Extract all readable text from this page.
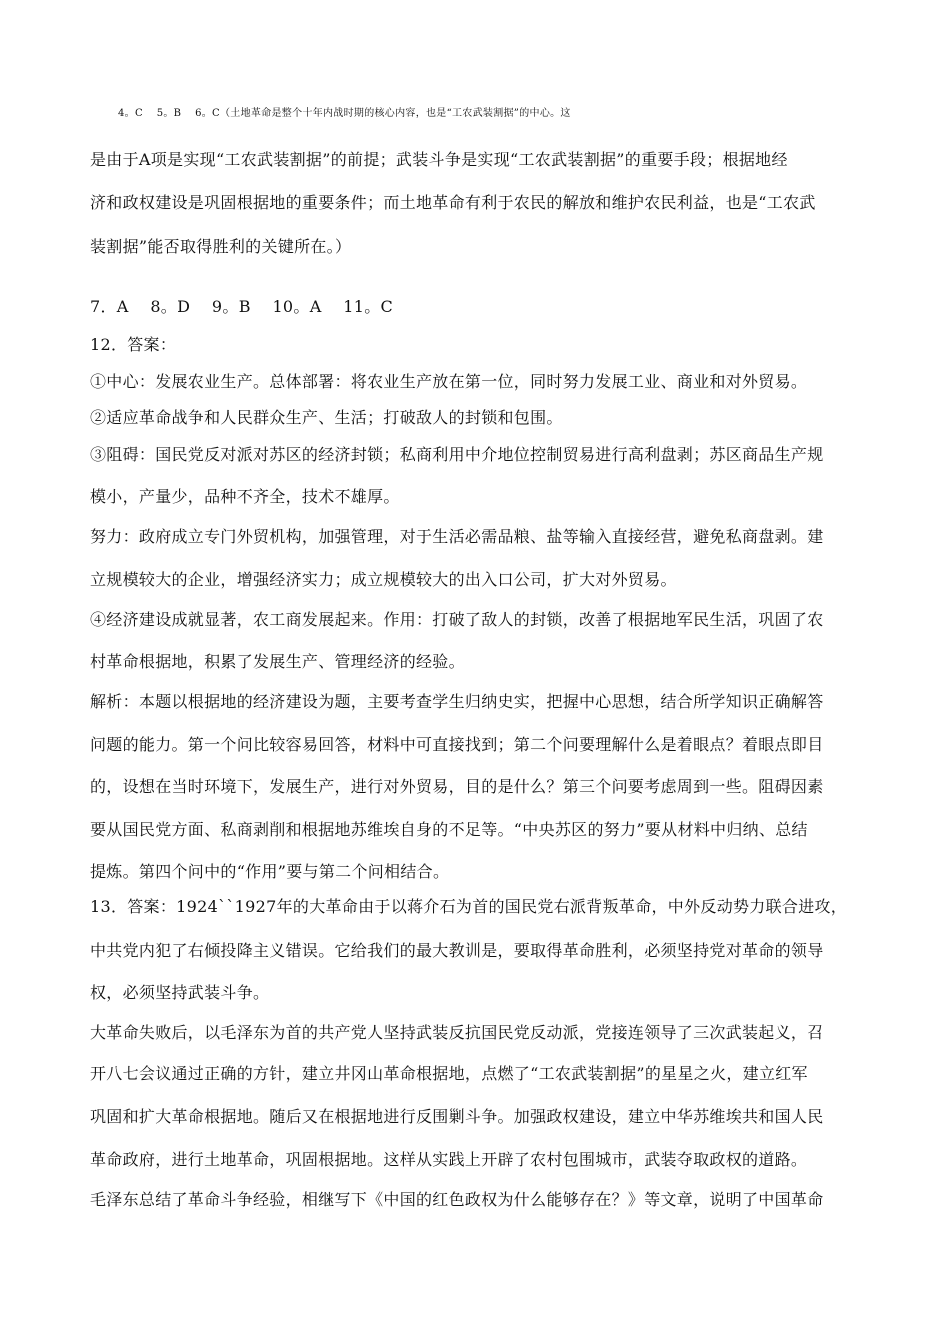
4。C　 5。B　 6。C（土地革命是整个十年内战时期的核心内容，也是“工农武装割据”的中心。这
是由于A项是实现“工农武装割据”的前提；武装斗争是实现“工农武装割据”的重要手段；根据地经
济和政权建设是巩固根据地的重要条件；而土地革命有利于农民的解放和维护农民利益，也是“工农武
装割据”能否取得胜利的关键所在。）
7．A　 8。D　 9。B　 10。A　 11。C
12．答案：
①中心：发展农业生产。总体部署：将农业生产放在第一位，同时努力发展工业、商业和对外贸易。
②适应革命战争和人民群众生产、生活；打破敌人的封锁和包围。
③阻碍：国民党反对派对苏区的经济封锁；私商利用中介地位控制贸易进行高利盘剥；苏区商品生产规
模小，产量少，品种不齐全，技术不雄厚。
努力：政府成立专门外贸机构，加强管理，对于生活必需品粮、盐等输入直接经营，避免私商盘剥。建
立规模较大的企业，增强经济实力；成立规模较大的出入口公司，扩大对外贸易。
④经济建设成就显著，农工商发展起来。作用：打破了敌人的封锁，改善了根据地军民生活，巩固了农
村革命根据地，积累了发展生产、管理经济的经验。
解析：本题以根据地的经济建设为题，主要考查学生归纳史实，把握中心思想，结合所学知识正确解答
问题的能力。第一个问比较容易回答，材料中可直接找到；第二个问要理解什么是着眼点？着眼点即目
的，设想在当时环境下，发展生产，进行对外贸易，目的是什么？第三个问要考虑周到一些。阻碍因素
要从国民党方面、私商剥削和根据地苏维埃自身的不足等。“中央苏区的努力”要从材料中归纳、总结
提炼。第四个问中的“作用”要与第二个问相结合。
13．答案：1924``1927年的大革命由于以蒋介石为首的国民党右派背叛革命，中外反动势力联合进攻，
中共党内犯了右倾投降主义错误。它给我们的最大教训是，要取得革命胜利，必须坚持党对革命的领导
权，必须坚持武装斗争。
大革命失败后，以毛泽东为首的共产党人坚持武装反抗国民党反动派，党接连领导了三次武装起义，召
开八七会议通过正确的方针，建立井冈山革命根据地，点燃了“工农武装割据”的星星之火，建立红军
巩固和扩大革命根据地。随后又在根据地进行反围剿斗争。加强政权建设，建立中华苏维埃共和国人民
革命政府，进行土地革命，巩固根据地。这样从实践上开辟了农村包围城市，武装夺取政权的道路。
毛泽东总结了革命斗争经验，相继写下《中国的红色政权为什么能够存在？》等文章，说明了中国革命
